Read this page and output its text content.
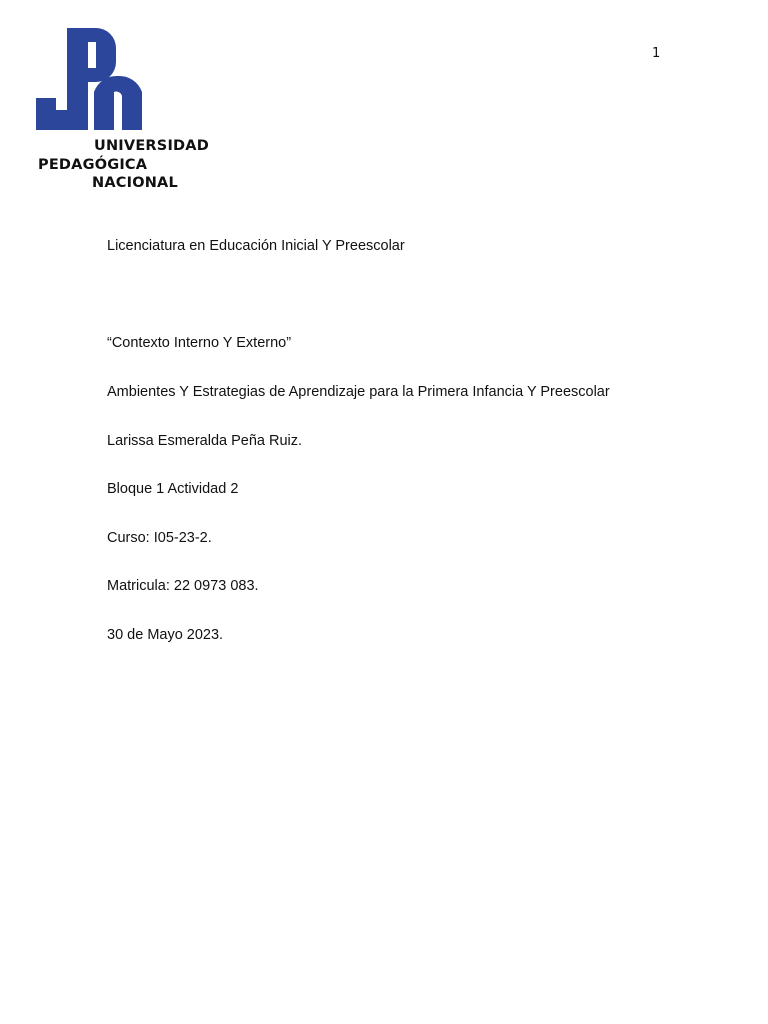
1
UNIVERSIDAD
PEDAGÓGICA
NACIONAL
Licenciatura en Educación Inicial Y Preescolar
“Contexto Interno Y Externo”
Ambientes Y Estrategias de Aprendizaje para la Primera Infancia Y Preescolar
Larissa Esmeralda Peña Ruiz.
Bloque 1 Actividad 2
Curso: I05-23-2.
Matricula: 22 0973 083.
30 de Mayo 2023.
